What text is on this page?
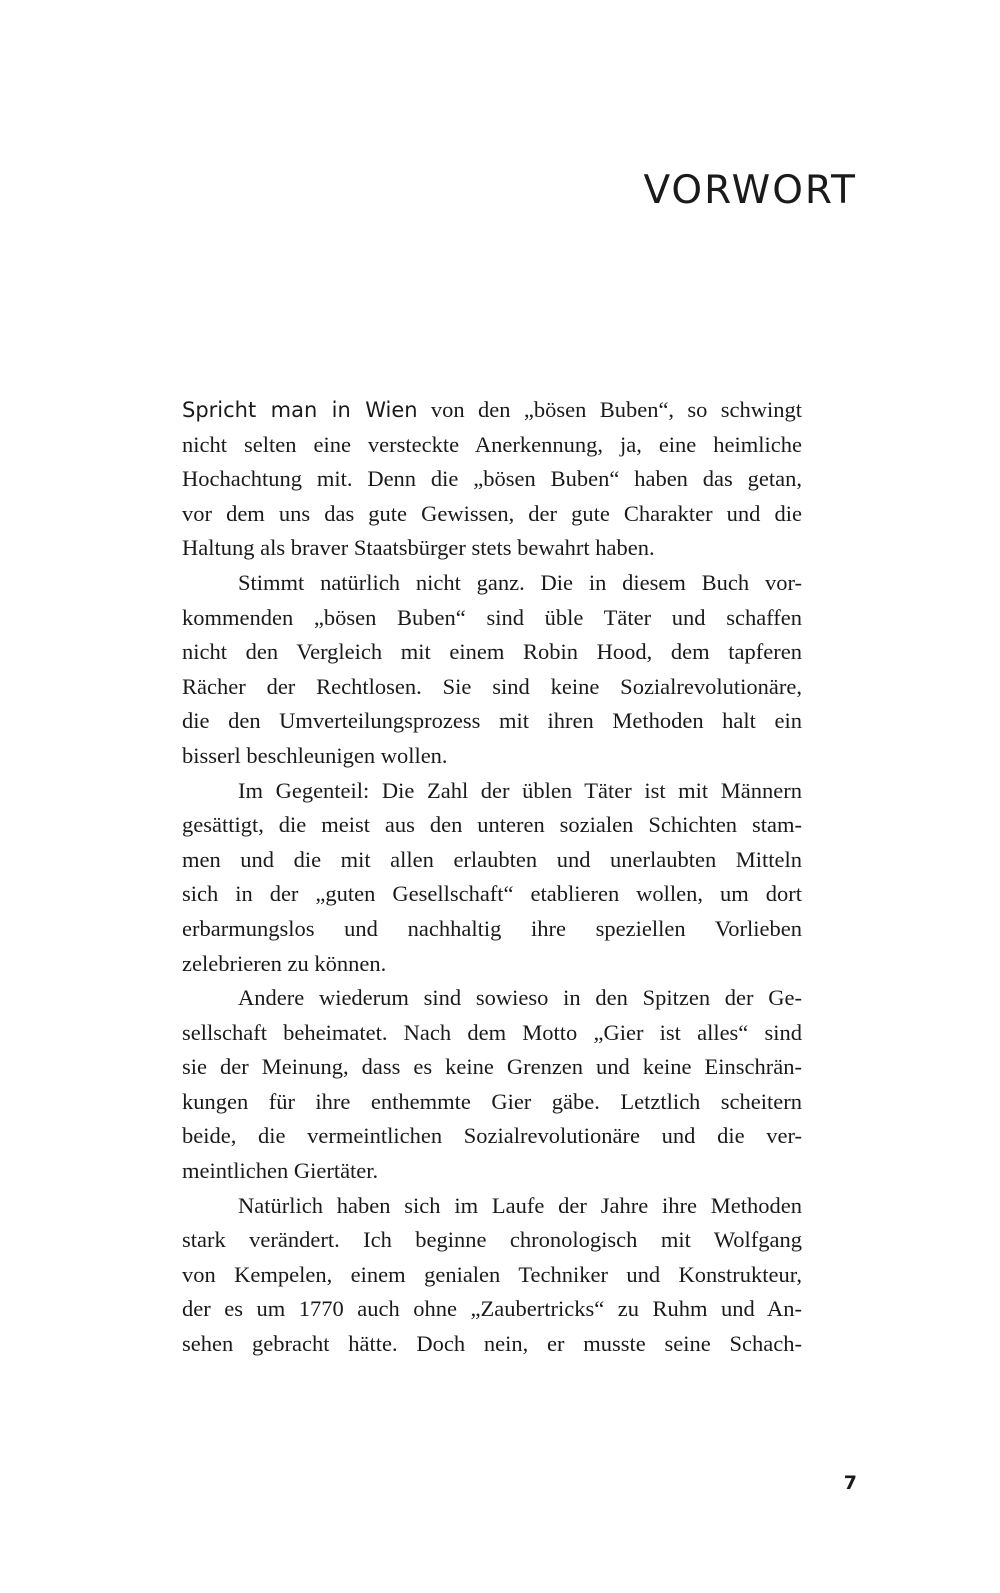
VORWORT
Spricht man in Wien von den „bösen Buben“, so schwingt
nicht selten eine versteckte Anerkennung, ja, eine heimliche
Hochachtung mit. Denn die „bösen Buben“ haben das getan,
vor dem uns das gute Gewissen, der gute Charakter und die
Haltung als braver Staatsbürger stets bewahrt haben.
Stimmt natürlich nicht ganz. Die in diesem Buch vor-
kommenden „bösen Buben“ sind üble Täter und schaffen
nicht den Vergleich mit einem Robin Hood, dem tapferen
Rächer der Rechtlosen. Sie sind keine Sozialrevolutionäre,
die den Umverteilungsprozess mit ihren Methoden halt ein
bisserl beschleunigen wollen.
Im Gegenteil: Die Zahl der üblen Täter ist mit Männern
gesättigt, die meist aus den unteren sozialen Schichten stam-
men und die mit allen erlaubten und unerlaubten Mitteln
sich in der „guten Gesellschaft“ etablieren wollen, um dort
erbarmungslos und nachhaltig ihre speziellen Vorlieben
zelebrieren zu können.
Andere wiederum sind sowieso in den Spitzen der Ge-
sellschaft beheimatet. Nach dem Motto „Gier ist alles“ sind
sie der Meinung, dass es keine Grenzen und keine Einschrän-
kungen für ihre enthemmte Gier gäbe. Letztlich scheitern
beide, die vermeintlichen Sozialrevolutionäre und die ver-
meintlichen Giertäter.
Natürlich haben sich im Laufe der Jahre ihre Methoden
stark verändert. Ich beginne chronologisch mit Wolfgang
von Kempelen, einem genialen Techniker und Konstrukteur,
der es um 1770 auch ohne „Zaubertricks“ zu Ruhm und An-
sehen gebracht hätte. Doch nein, er musste seine Schach-
7
